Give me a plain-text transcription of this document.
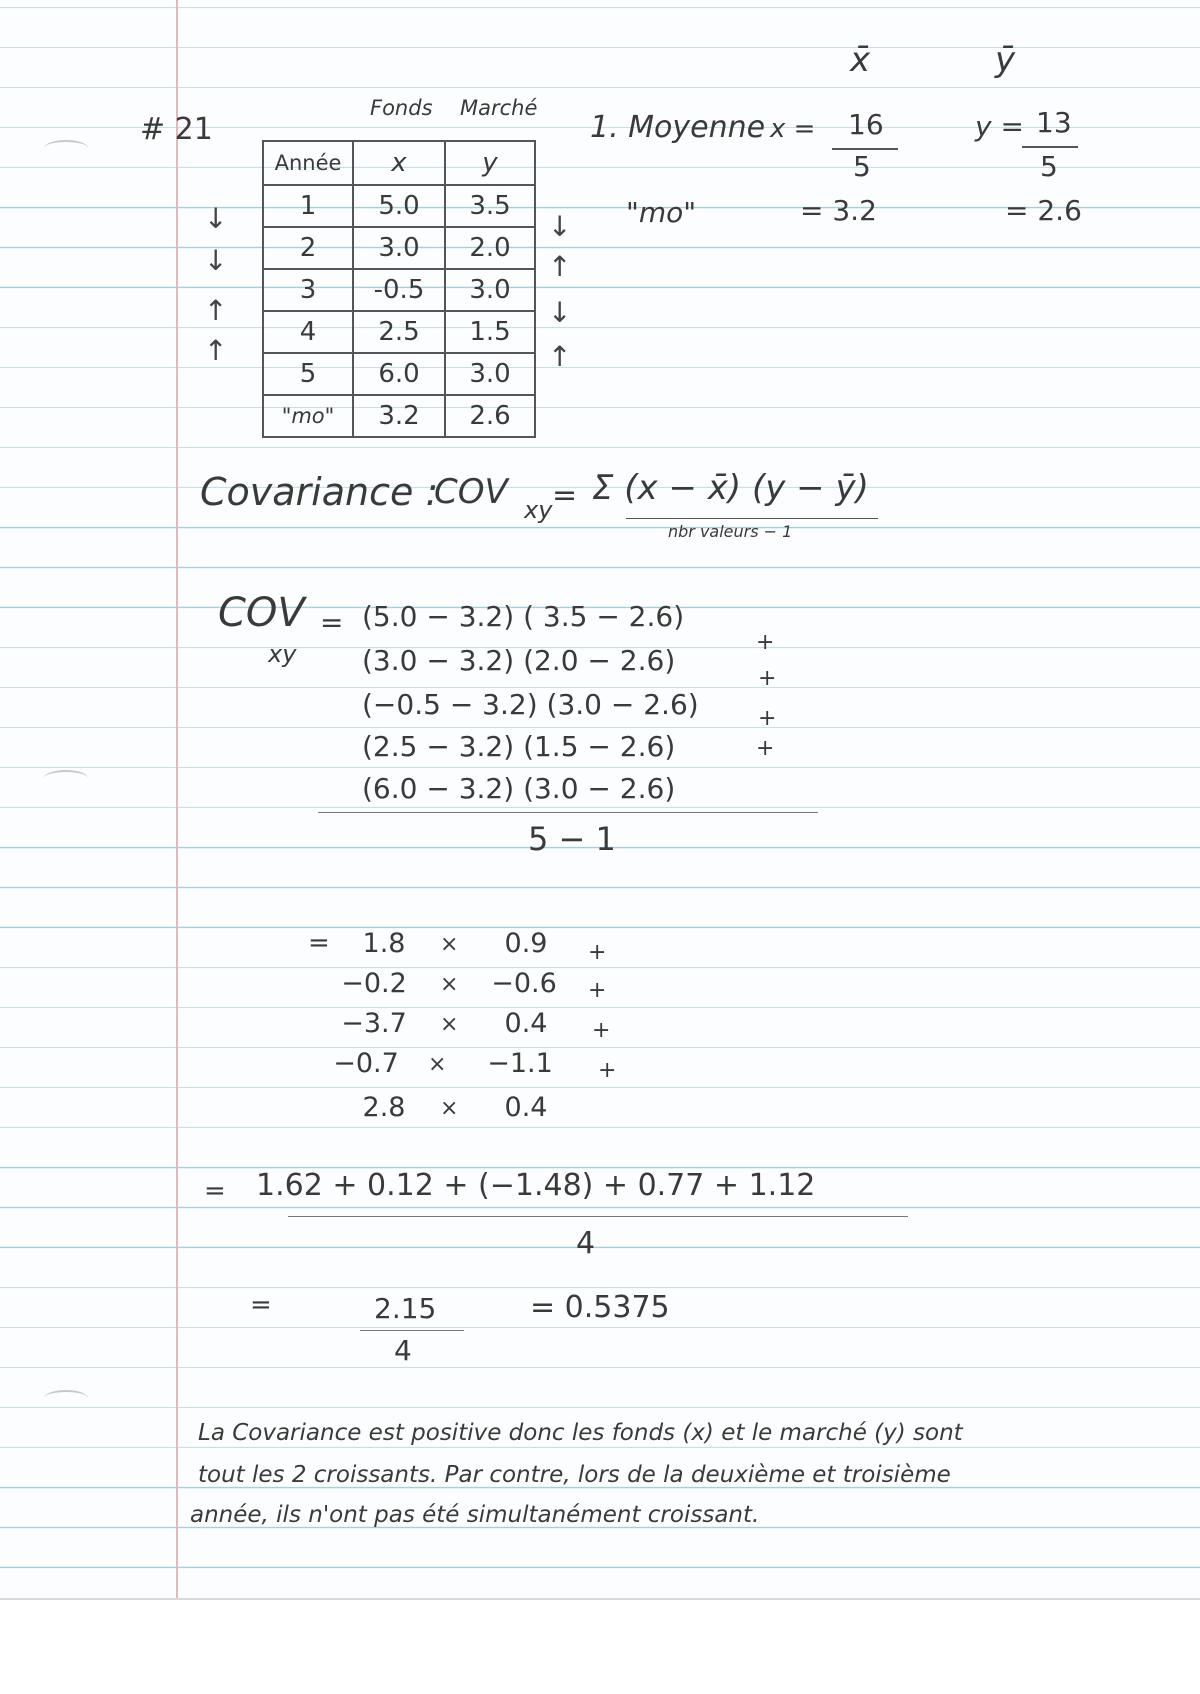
# 21
Fonds Marché
Année	x	y
1	5.0	3.5
2	3.0	2.0
3	-0.5	3.0
4	2.5	1.5
5	6.0	3.0
"mo"	3.2	2.6
↓
↓
↑
↑
↓
↑
↓
↑
x̄	ȳ
1. Moyenne x = 16
5
y = 13
5
"mo"	= 3.2	= 2.6
Covariance :
COV xy = Σ (x − x̄) (y − ȳ)
nbr valeurs − 1
COV
xy
= (5.0 − 3.2) ( 3.5 − 2.6)
(3.0 − 3.2) (2.0 − 2.6)
(−0.5 − 3.2) (3.0 − 2.6)
(2.5 − 3.2) (1.5 − 2.6)
(6.0 − 3.2) (3.0 − 2.6)
+
+
+
+
5 − 1
=	1.8	×	0.9
−0.2	× −0.6
−3.7	×	0.4
−0.7	× −1.1
2.8	×	0.4
+
+
+
+
= 1.62 + 0.12 + (−1.48) + 0.77 + 1.12
4
=	2.15
4
= 0.5375
La Covariance est positive donc les fonds (x) et le marché (y) sont
tout les 2 croissants. Par contre, lors de la deuxième et troisième
année, ils n'ont pas été simultanément croissant.
